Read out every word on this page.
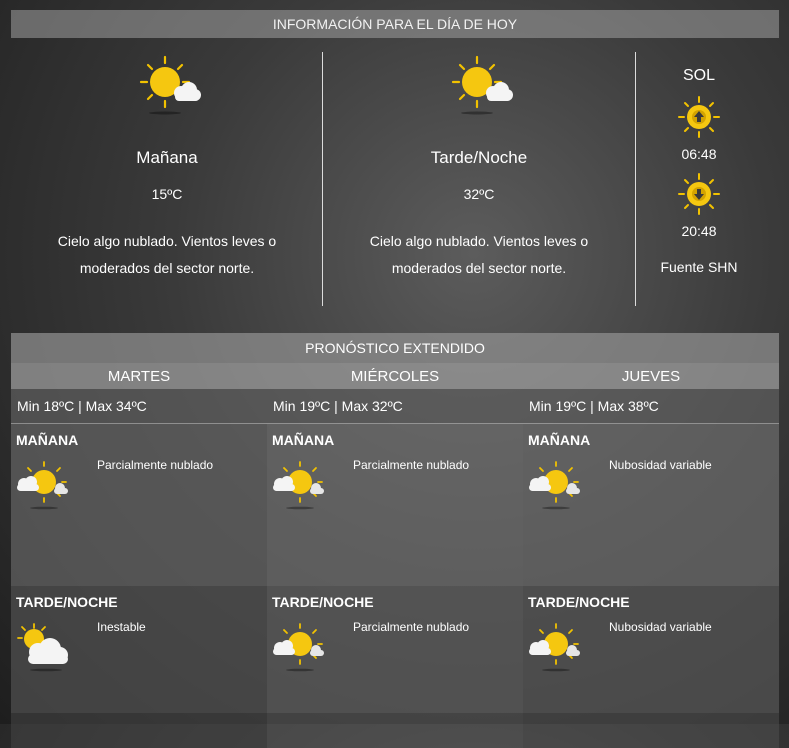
INFORMACIÓN PARA EL DÍA DE HOY
Mañana
15ºC
Cielo algo nublado. Vientos leves o
moderados del sector norte.
Tarde/Noche
32ºC
Cielo algo nublado. Vientos leves o
moderados del sector norte.
SOL
06:48
20:48
Fuente SHN
PRONÓSTICO EXTENDIDO
MARTES
Min 18ºC | Max 34ºC
MAÑANA
Parcialmente nublado
TARDE/NOCHE
Inestable
MIÉRCOLES
Min 19ºC | Max 32ºC
MAÑANA
Parcialmente nublado
TARDE/NOCHE
Parcialmente nublado
JUEVES
Min 19ºC | Max 38ºC
MAÑANA
Nubosidad variable
TARDE/NOCHE
Nubosidad variable
